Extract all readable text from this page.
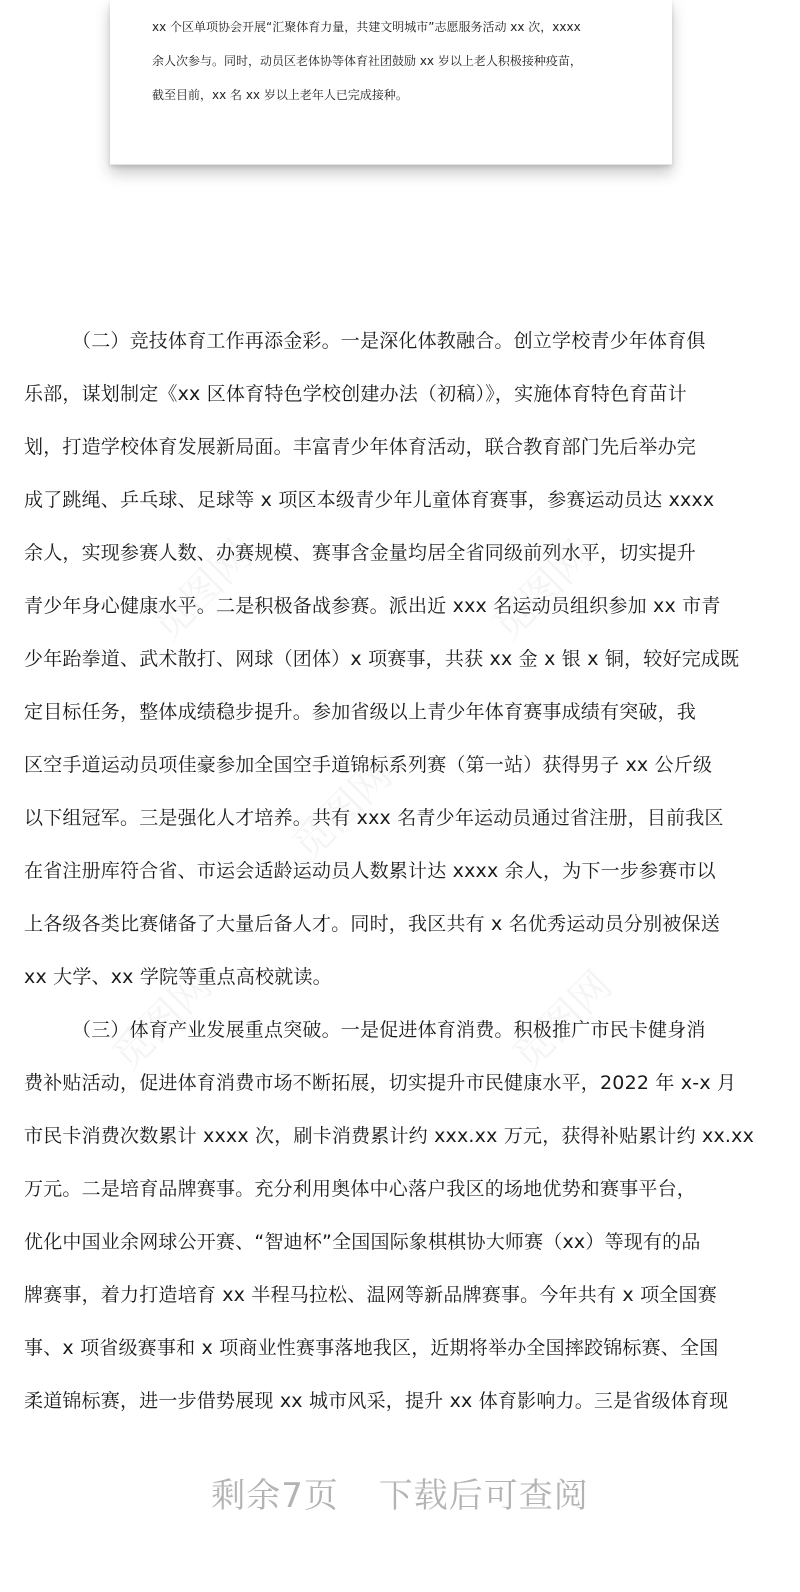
xx 个区单项协会开展“汇聚体育力量，共建文明城市”志愿服务活动 xx 次，xxxx

余人次参与。同时，动员区老体协等体育社团鼓励 xx 岁以上老人积极接种疫苗，

截至目前，xx 名 xx 岁以上老年人已完成接种。

（二）竞技体育工作再添金彩。一是深化体教融合。创立学校青少年体育俱
乐部，谋划制定《xx 区体育特色学校创建办法（初稿）》，实施体育特色育苗计
划，打造学校体育发展新局面。丰富青少年体育活动，联合教育部门先后举办完
成了跳绳、乒乓球、足球等 x 项区本级青少年儿童体育赛事，参赛运动员达 xxxx
余人，实现参赛人数、办赛规模、赛事含金量均居全省同级前列水平，切实提升
青少年身心健康水平。二是积极备战参赛。派出近 xxx 名运动员组织参加 xx 市青
少年跆拳道、武术散打、网球（团体）x 项赛事，共获 xx 金 x 银 x 铜，较好完成既
定目标任务，整体成绩稳步提升。参加省级以上青少年体育赛事成绩有突破，我
区空手道运动员项佳豪参加全国空手道锦标系列赛（第一站）获得男子 xx 公斤级
以下组冠军。三是强化人才培养。共有 xxx 名青少年运动员通过省注册，目前我区
在省注册库符合省、市运会适龄运动员人数累计达 xxxx 余人，为下一步参赛市以
上各级各类比赛储备了大量后备人才。同时，我区共有 x 名优秀运动员分别被保送
xx 大学、xx 学院等重点高校就读。
（三）体育产业发展重点突破。一是促进体育消费。积极推广市民卡健身消
费补贴活动，促进体育消费市场不断拓展，切实提升市民健康水平，2022 年 x-x 月
市民卡消费次数累计 xxxx 次，刷卡消费累计约 xxx.xx 万元，获得补贴累计约 xx.xx
万元。二是培育品牌赛事。充分利用奥体中心落户我区的场地优势和赛事平台，
优化中国业余网球公开赛、“智迪杯”全国国际象棋棋协大师赛（xx）等现有的品
牌赛事，着力打造培育 xx 半程马拉松、温网等新品牌赛事。今年共有 x 项全国赛
事、x 项省级赛事和 x 项商业性赛事落地我区，近期将举办全国摔跤锦标赛、全国
柔道锦标赛，进一步借势展现 xx 城市风采，提升 xx 体育影响力。三是省级体育现
剩余7页 下载后可查阅
